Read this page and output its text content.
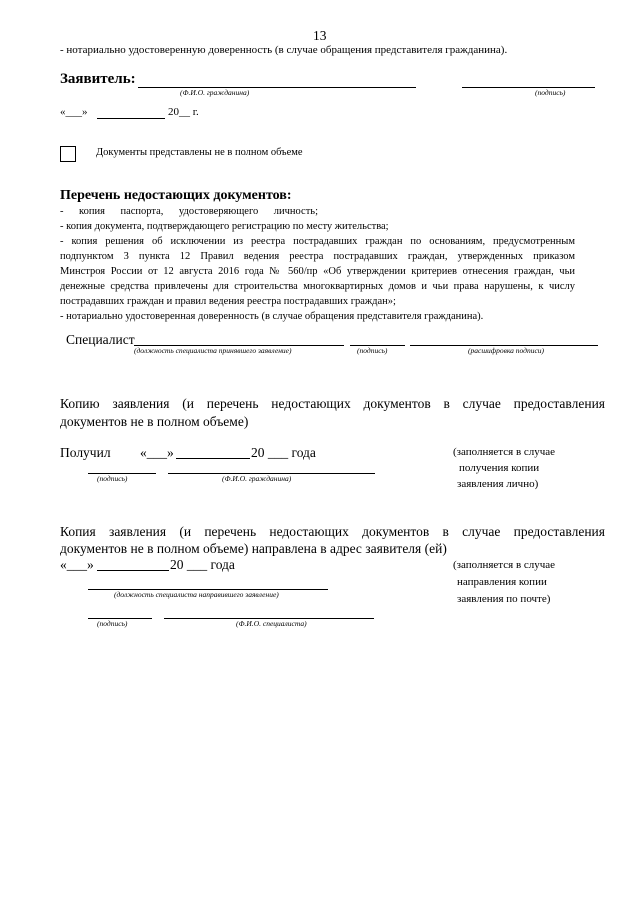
13
- нотариально удостоверенную доверенность (в случае обращения представителя гражданина).
Заявитель:
(Ф.И.О. гражданина)	(подпись)
«___»	20__ г.
Документы представлены не в полном объеме
Перечень недостающих документов:
- копия паспорта, удостоверяющего личность;
- копия документа, подтверждающего регистрацию по месту жительства;
- копия решения об исключении из реестра пострадавших граждан по основаниям, предусмотренным
подпунктом 3 пункта 12 Правил ведения реестра пострадавших граждан, утвержденных приказом
Минстроя России от 12 августа 2016 года № 560/пр «Об утверждении критериев отнесения граждан, чьи
денежные средства привлечены для строительства многоквартирных домов и чьи права нарушены, к числу
пострадавших граждан и правил ведения реестра пострадавших граждан»;
- нотариально удостоверенная доверенность (в случае обращения представителя гражданина).
Специалист
(должность специалиста принявшего заявление)	(подпись)	(расшифровка подписи)
Копию заявления (и перечень недостающих документов в случае предоставления
документов не в полном объеме)
Получил «___»	20 ___ года
(подпись)	(Ф.И.О. гражданина)
(заполняется в случае
получения копии
заявления лично)
Копия заявления (и перечень недостающих документов в случае предоставления
документов не в полном объеме) направлена в адрес заявителя (ей)
«___»	20 ___ года
(должность специалиста направившего заявление)
(подпись)	(Ф.И.О. специалиста)
(заполняется в случае
направления копии
заявления по почте)
